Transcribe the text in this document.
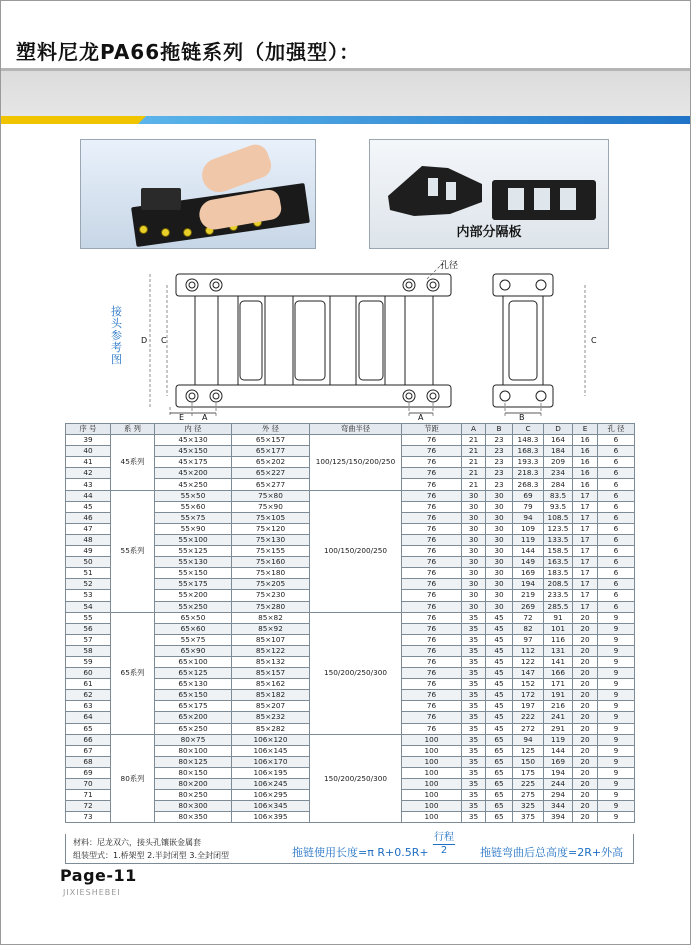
塑料尼龙PA66拖链系列（加强型）：
内部分隔板
D C	C
E A	A	B
孔径
接头参考图
序 号	系 列	内 径	外 径	弯曲半径	节距	A	B	C	D	E	孔 径
39	45系列	45×130	65×157	100/125/150/200/250	76	21	23	148.3	164	16	6
40		45×150	65×177		76	21	23	168.3	184	16	6
41		45×175	65×202		76	21	23	193.3	209	16	6
42		45×200	65×227		76	21	23	218.3	234	16	6
43		45×250	65×277		76	21	23	268.3	284	16	6
44	55系列	55×50	75×80	100/150/200/250	76	30	30	69	83.5	17	6
45		55×60	75×90		76	30	30	79	93.5	17	6
46		55×75	75×105		76	30	30	94	108.5	17	6
47		55×90	75×120		76	30	30	109	123.5	17	6
48		55×100	75×130		76	30	30	119	133.5	17	6
49		55×125	75×155		76	30	30	144	158.5	17	6
50		55×130	75×160		76	30	30	149	163.5	17	6
51		55×150	75×180		76	30	30	169	183.5	17	6
52		55×175	75×205		76	30	30	194	208.5	17	6
53		55×200	75×230		76	30	30	219	233.5	17	6
54		55×250	75×280		76	30	30	269	285.5	17	6
55	65系列	65×50	85×82	150/200/250/300	76	35	45	72	91	20	9
56		65×60	85×92		76	35	45	82	101	20	9
57		55×75	85×107		76	35	45	97	116	20	9
58		65×90	85×122		76	35	45	112	131	20	9
59		65×100	85×132		76	35	45	122	141	20	9
60		65×125	85×157		76	35	45	147	166	20	9
61		65×130	85×162		76	35	45	152	171	20	9
62		65×150	85×182		76	35	45	172	191	20	9
63		65×175	85×207		76	35	45	197	216	20	9
64		65×200	85×232		76	35	45	222	241	20	9
65		65×250	85×282		76	35	45	272	291	20	9
66	80系列	80×75	106×120	150/200/250/300	100	35	65	94	119	20	9
67		80×100	106×145		100	35	65	125	144	20	9
68		80×125	106×170		100	35	65	150	169	20	9
69		80×150	106×195		100	35	65	175	194	20	9
70		80×200	106×245		100	35	65	225	244	20	9
71		80×250	106×295		100	35	65	275	294	20	9
72		80×300	106×345		100	35	65	325	344	20	9
73		80×350	106×395		100	35	65	375	394	20	9
材料：尼龙双六，接头孔镶嵌金属套
组装型式：1.桥架型 2.半封闭型 3.全封闭型	拖链使用长度=π R+0.5R+
行程
2	拖链弯曲后总高度=2R+外高
Page-11
JIXIESHEBEI
